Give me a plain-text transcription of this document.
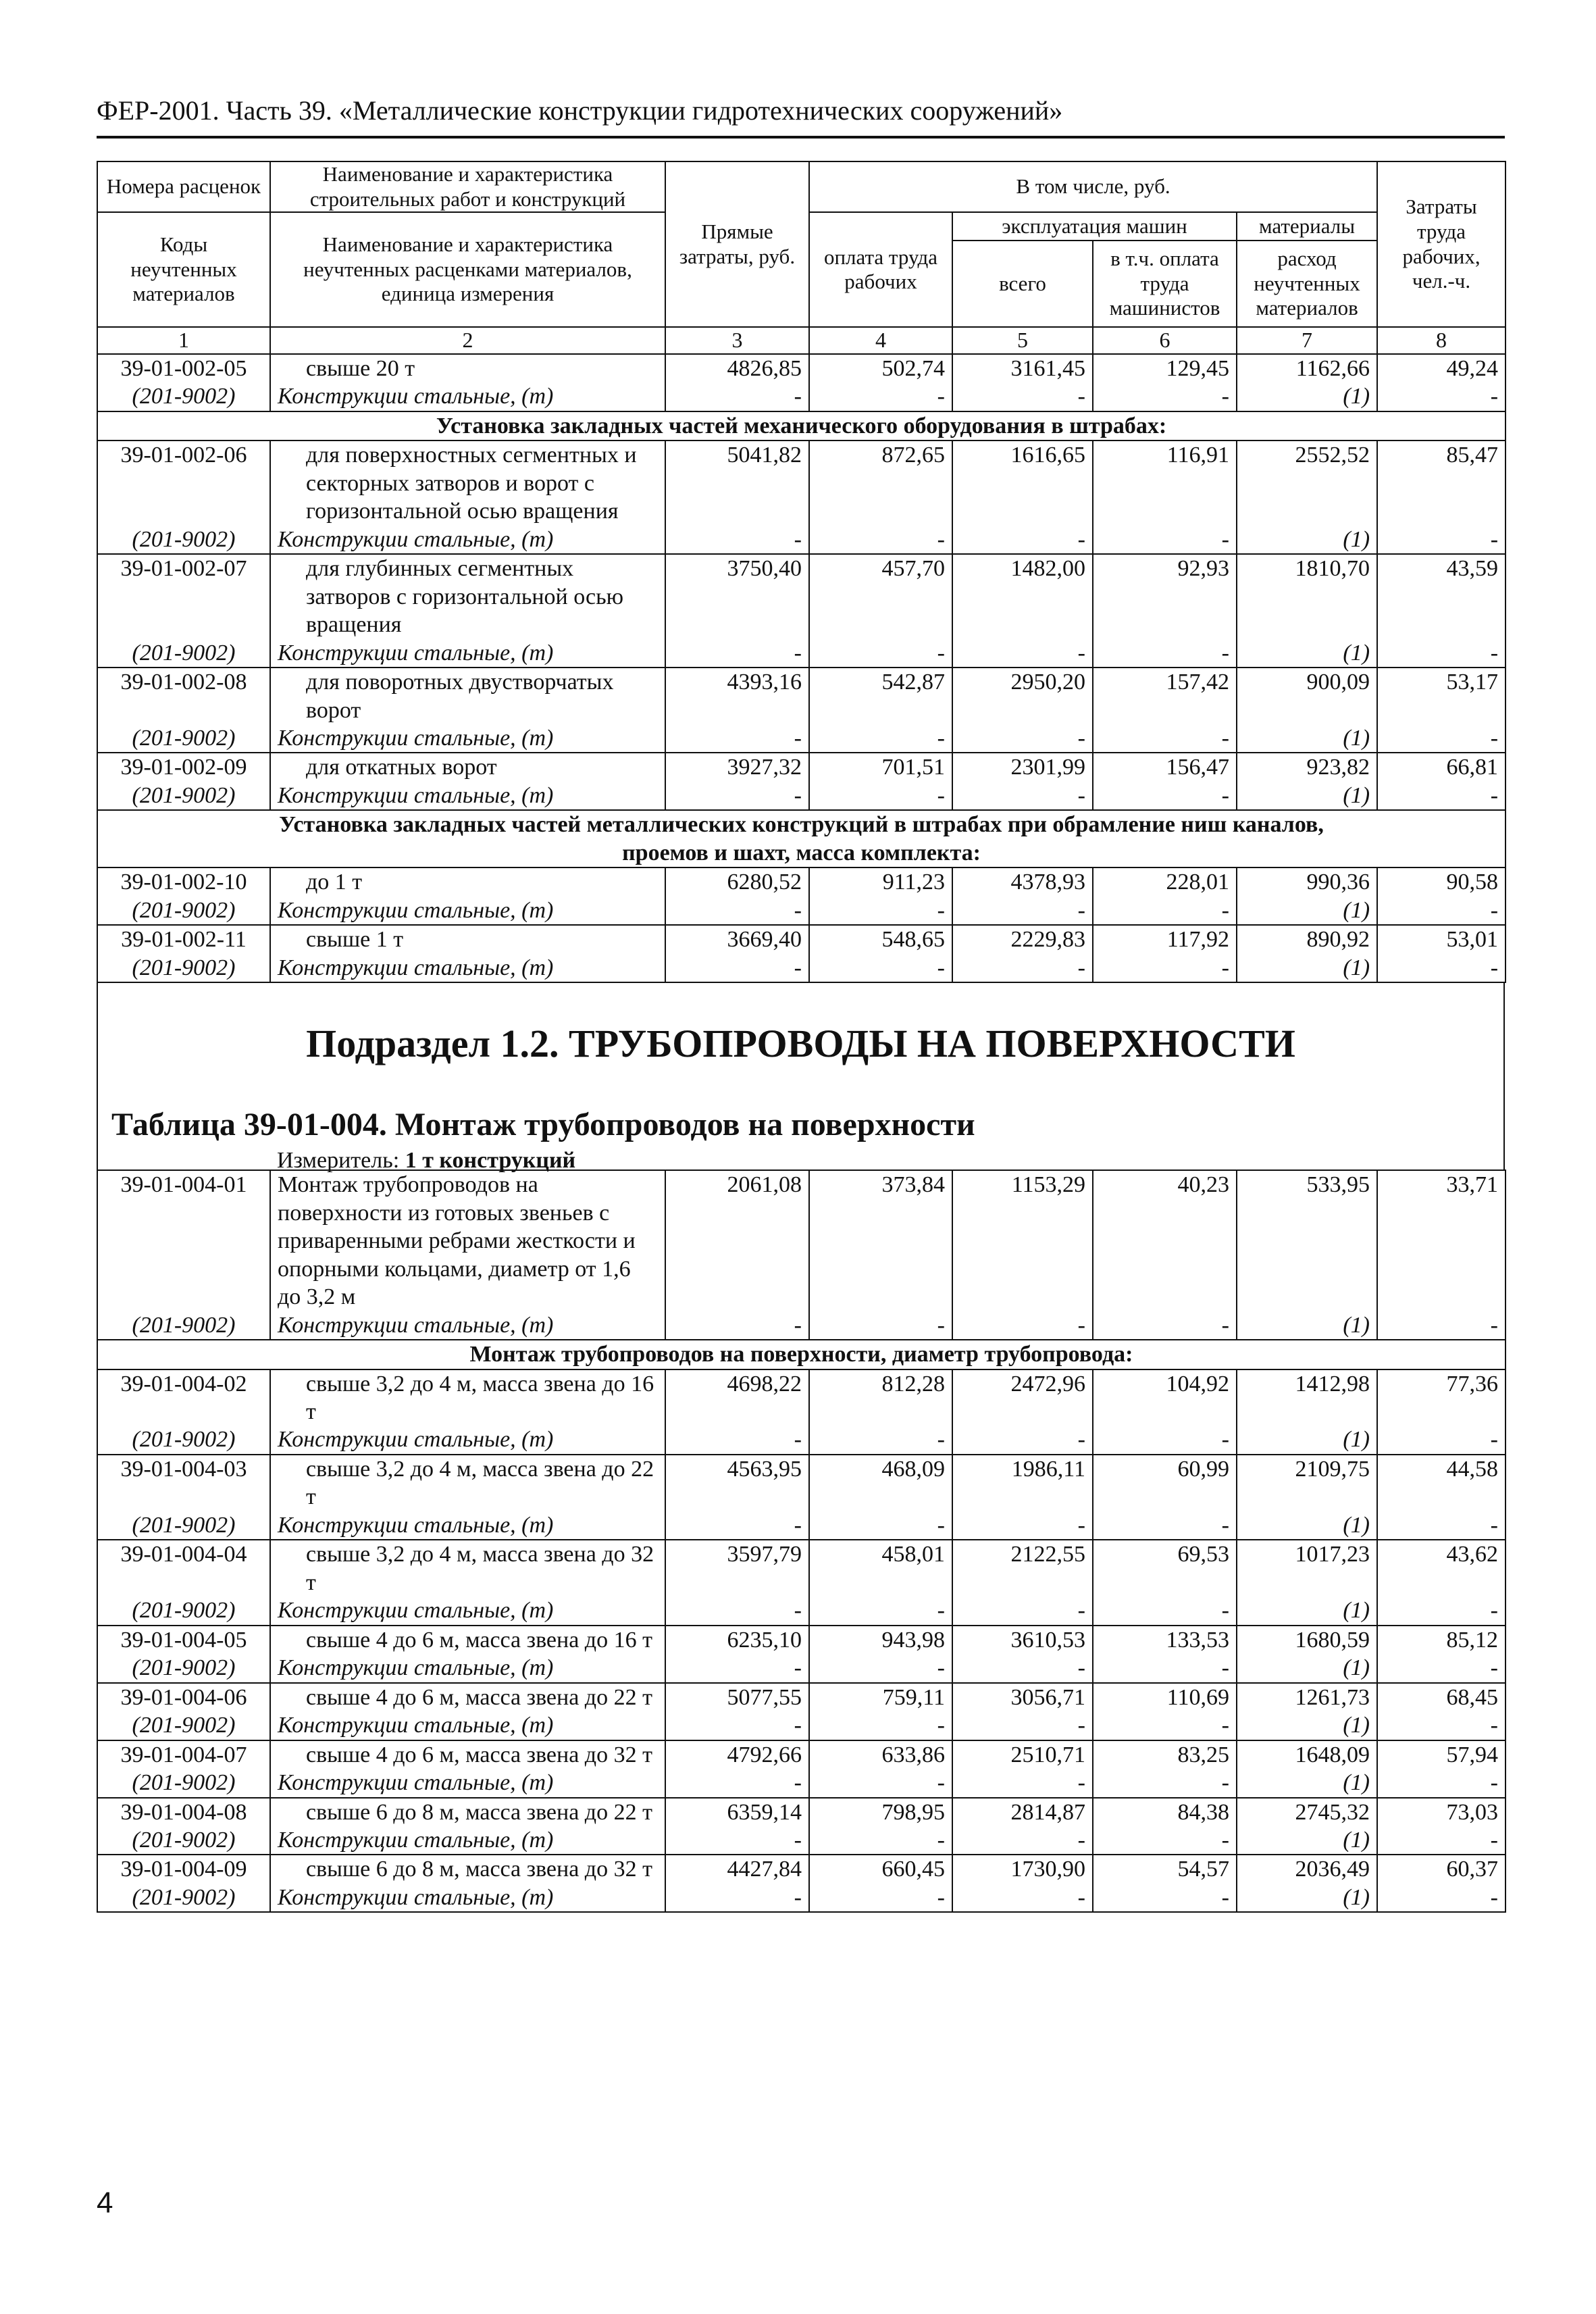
ФЕР-2001. Часть 39. «Металлические конструкции гидротехнических сооружений»
Номера расценок	Наименование и характеристика строительных работ и конструкций	Прямые затраты, руб.	В том числе, руб.				Затраты труда рабочих, чел.-ч.
Коды неучтенных материалов	Наименование и характеристика неучтенных расценками материалов, единица измерения		оплата труда рабочих	эксплуатация машин		материалы	
				всего	в т.ч. оплата труда машинистов	расход неучтенных материалов	
1	2	3	4	5	6	7	8
39-01-002-05	свыше 20 т	4826,85	502,74	3161,45	129,45	1162,66	49,24
(201-9002)	Конструкции стальные, (т)	-	-	-	-	(1)	-
Установка закладных частей механического оборудования в штрабах:							
39-01-002-06	для поверхностных сегментных и секторных затворов и ворот с горизонтальной осью вращения	5041,82	872,65	1616,65	116,91	2552,52	85,47
(201-9002)	Конструкции стальные, (т)	-	-	-	-	(1)	-
39-01-002-07	для глубинных сегментных затворов с горизонтальной осью вращения	3750,40	457,70	1482,00	92,93	1810,70	43,59
(201-9002)	Конструкции стальные, (т)	-	-	-	-	(1)	-
39-01-002-08	для поворотных двустворчатых ворот	4393,16	542,87	2950,20	157,42	900,09	53,17
(201-9002)	Конструкции стальные, (т)	-	-	-	-	(1)	-
39-01-002-09	для откатных ворот	3927,32	701,51	2301,99	156,47	923,82	66,81
(201-9002)	Конструкции стальные, (т)	-	-	-	-	(1)	-
Установка закладных частей металлических конструкций в штрабах при обрамление ниш каналов,
проемов и шахт, масса комплекта:							
39-01-002-10	до 1 т	6280,52	911,23	4378,93	228,01	990,36	90,58
(201-9002)	Конструкции стальные, (т)	-	-	-	-	(1)	-
39-01-002-11	свыше 1 т	3669,40	548,65	2229,83	117,92	890,92	53,01
(201-9002)	Конструкции стальные, (т)	-	-	-	-	(1)	-
Подраздел 1.2. ТРУБОПРОВОДЫ НА ПОВЕРХНОСТИ
Таблица 39-01-004. Монтаж трубопроводов на поверхности
Измеритель: 1 т конструкций
39-01-004-01	Монтаж трубопроводов на поверхности из готовых звеньев с приваренными ребрами жесткости и опорными кольцами, диаметр от 1,6 до 3,2 м	2061,08	373,84	1153,29	40,23	533,95	33,71
(201-9002)	Конструкции стальные, (т)	-	-	-	-	(1)	-
Монтаж трубопроводов на поверхности, диаметр трубопровода:							
39-01-004-02	свыше 3,2 до 4 м, масса звена до 16 т	4698,22	812,28	2472,96	104,92	1412,98	77,36
(201-9002)	Конструкции стальные, (т)	-	-	-	-	(1)	-
39-01-004-03	свыше 3,2 до 4 м, масса звена до 22 т	4563,95	468,09	1986,11	60,99	2109,75	44,58
(201-9002)	Конструкции стальные, (т)	-	-	-	-	(1)	-
39-01-004-04	свыше 3,2 до 4 м, масса звена до 32 т	3597,79	458,01	2122,55	69,53	1017,23	43,62
(201-9002)	Конструкции стальные, (т)	-	-	-	-	(1)	-
39-01-004-05	свыше 4 до 6 м, масса звена до 16 т	6235,10	943,98	3610,53	133,53	1680,59	85,12
(201-9002)	Конструкции стальные, (т)	-	-	-	-	(1)	-
39-01-004-06	свыше 4 до 6 м, масса звена до 22 т	5077,55	759,11	3056,71	110,69	1261,73	68,45
(201-9002)	Конструкции стальные, (т)	-	-	-	-	(1)	-
39-01-004-07	свыше 4 до 6 м, масса звена до 32 т	4792,66	633,86	2510,71	83,25	1648,09	57,94
(201-9002)	Конструкции стальные, (т)	-	-	-	-	(1)	-
39-01-004-08	свыше 6 до 8 м, масса звена до 22 т	6359,14	798,95	2814,87	84,38	2745,32	73,03
(201-9002)	Конструкции стальные, (т)	-	-	-	-	(1)	-
39-01-004-09	свыше 6 до 8 м, масса звена до 32 т	4427,84	660,45	1730,90	54,57	2036,49	60,37
(201-9002)	Конструкции стальные, (т)	-	-	-	-	(1)	-
4
